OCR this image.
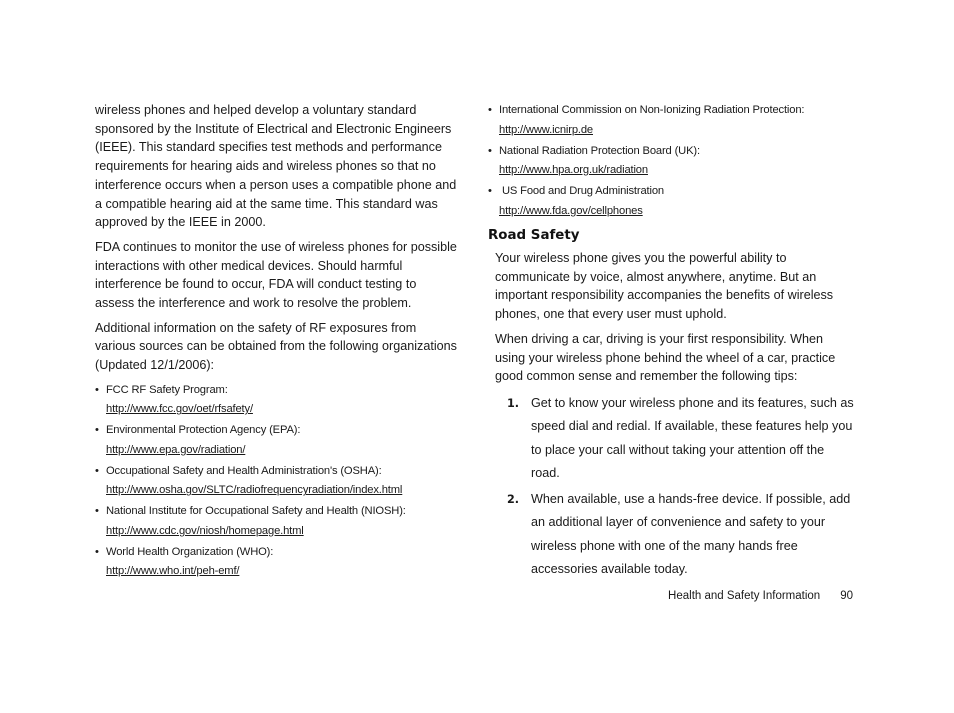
wireless phones and helped develop a voluntary standard sponsored by the Institute of Electrical and Electronic Engineers (IEEE). This standard specifies test methods and performance requirements for hearing aids and wireless phones so that no interference occurs when a person uses a compatible phone and a compatible hearing aid at the same time. This standard was approved by the IEEE in 2000.

FDA continues to monitor the use of wireless phones for possible interactions with other medical devices. Should harmful interference be found to occur, FDA will conduct testing to assess the interference and work to resolve the problem.

Additional information on the safety of RF exposures from various sources can be obtained from the following organizations (Updated 12/1/2006):

• FCC RF Safety Program:
http://www.fcc.gov/oet/rfsafety/
• Environmental Protection Agency (EPA):
http://www.epa.gov/radiation/
• Occupational Safety and Health Administration's (OSHA):
http://www.osha.gov/SLTC/radiofrequencyradiation/index.html
• National Institute for Occupational Safety and Health (NIOSH):
http://www.cdc.gov/niosh/homepage.html
• World Health Organization (WHO):
http://www.who.int/peh-emf/
• International Commission on Non-Ionizing Radiation Protection:
http://www.icnirp.de
• National Radiation Protection Board (UK):
http://www.hpa.org.uk/radiation
• US Food and Drug Administration
http://www.fda.gov/cellphones
Road Safety

Your wireless phone gives you the powerful ability to communicate by voice, almost anywhere, anytime. But an important responsibility accompanies the benefits of wireless phones, one that every user must uphold.

When driving a car, driving is your first responsibility. When using your wireless phone behind the wheel of a car, practice good common sense and remember the following tips:

1. Get to know your wireless phone and its features, such as speed dial and redial. If available, these features help you to place your call without taking your attention off the road.
2. When available, use a hands-free device. If possible, add an additional layer of convenience and safety to your wireless phone with one of the many hands free accessories available today.
Health and Safety Information 90
